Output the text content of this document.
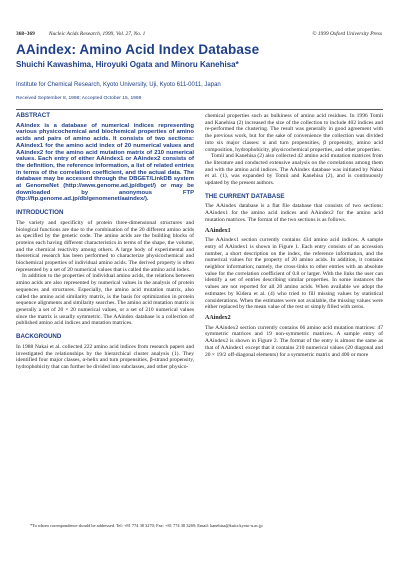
368–369	Nucleic Acids Research, 1999, Vol. 27, No. 1	© 1999 Oxford University Press
AAindex: Amino Acid Index Database
Shuichi Kawashima, Hiroyuki Ogata and Minoru Kanehisa*
Institute for Chemical Research, Kyoto University, Uji, Kyoto 611-0011, Japan
Received September 8, 1998; Accepted October 15, 1998
ABSTRACT
AAindex is a database of numerical indices representing various physicochemical and biochemical properties of amino acids and pairs of amino acids. It consists of two sections: AAindex1 for the amino acid index of 20 numerical values and AAindex2 for the amino acid mutation matrix of 210 numerical values. Each entry of either AAindex1 or AAindex2 consists of the definition, the reference information, a list of related entries in terms of the correlation coefficient, and the actual data. The database may be accessed through the DBGET/LinkDB system at GenomeNet (http://www.genome.ad.jp/dbget/) or may be downloaded by anonymous FTP (ftp://ftp.genome.ad.jp/db/genomenet/aaindex/).
INTRODUCTION

The variety and specificity of protein three-dimensional structures and biological functions are due to the combination of the 20 different amino acids as specified by the genetic code. The amino acids are the building blocks of proteins each having different characteristics in terms of the shape, the volume, and the chemical reactivity among others. A large body of experimental and theoretical research has been performed to characterize physicochemical and biochemical properties of individual amino acids. The derived property is often represented by a set of 20 numerical values that is called the amino acid index.

In addition to the properties of individual amino acids, the relations between amino acids are also represented by numerical values in the analysis of protein sequences and structures. Especially, the amino acid mutation matrix, also called the amino acid similarity matrix, is the basis for optimization in protein sequence alignments and similarity searches. The amino acid mutation matrix is generally a set of 20 × 20 numerical values, or a set of 210 numerical values since the matrix is usually symmetric. The AAindex database is a collection of published amino acid indices and mutation matrices.

BACKGROUND

In 1988 Nakai et al. collected 222 amino acid indices from research papers and investigated the relationships by the hierarchical cluster analysis (1). They identified four major classes, α-helix and turn propensities, β-strand propensity, hydrophobicity that can further be divided into subclasses, and other physico-

chemical properties such as bulkiness of amino acid residues. In 1996 Tomii and Kanehisa (2) increased the size of the collection to include 402 indices and re-performed the clustering. The result was generally in good agreement with the previous work, but for the sake of convenience the collection was divided into six major classes: α and turn propensities, β propensity, amino acid composition, hydrophobicity, physicochemical properties, and other properties.

Tomii and Kanehisa (2) also collected 42 amino acid mutation matrices from the literature and conducted extensive analysis on the correlations among them and with the amino acid indices. The AAindex database was initiated by Nakai et al. (1), was expanded by Tomii and Kanehisa (2), and is continuously updated by the present authors.

THE CURRENT DATABASE

The AAindex database is a flat file database that consists of two sections: AAindex1 for the amino acid indices and AAindex2 for the amino acid mutation matrices. The format of the two sections is as follows.

AAindex1

The AAindex1 section currently contains 434 amino acid indices. A sample entry of AAindex1 is shown in Figure 1. Each entry consists of an accession number, a short description on the index, the reference information, and the numerical values for the property of 20 amino acids. In addition, it contains neighbor information; namely, the cross-links to other entries with an absolute value for the correlation coefficient of 0.8 or larger. With the links the user can identify a set of entries describing similar properties. In some instances the values are not reported for all 20 amino acids. When available we adopt the estimates by Kidera et al. (4) who tried to fill missing values by statistical considerations. When the estimates were not available, the missing values were either replaced by the mean value of the rest or simply filled with zeros.

AAindex2

The AAindex2 section currently contains 66 amino acid mutation matrices: 47 symmetric matrices and 19 non-symmetric matrices. A sample entry of AAindex2 is shown in Figure 2. The format of the entry is almost the same as that of AAindex1 except that it contains 210 numerical values (20 diagonal and 20 × 19/2 off-diagonal elements) for a symmetric matrix and 400 or more

*To whom correspondence should be addressed. Tel: +81 774 38 3270; Fax: +81 774 38 3269; Email: kanehisa@kuicr.kyoto-u.ac.jp
